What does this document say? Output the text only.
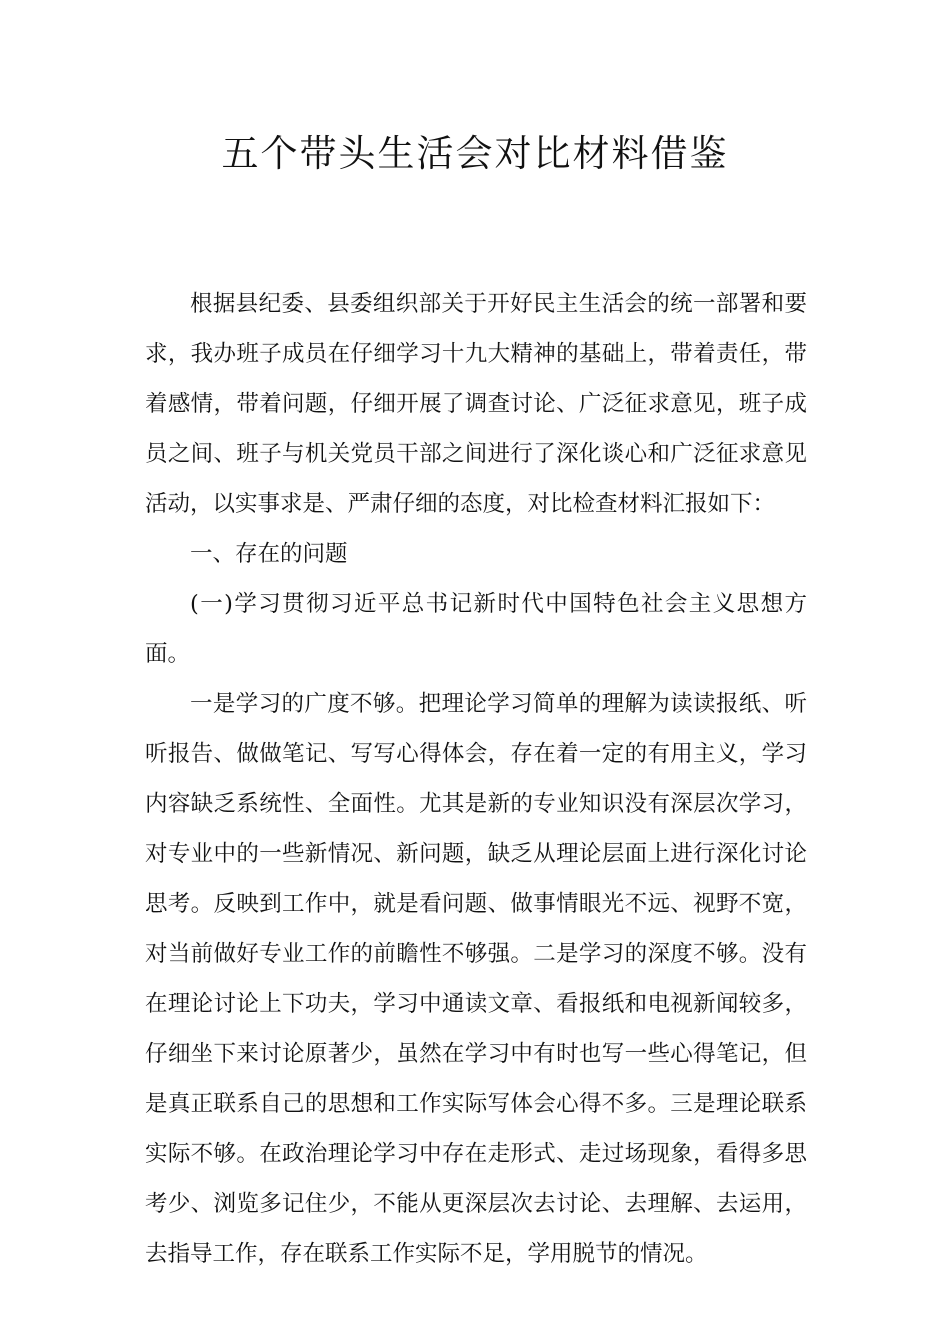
五个带头生活会对比材料借鉴

根据县纪委、县委组织部关于开好民主生活会的统一部署和要求，我办班子成员在仔细学习十九大精神的基础上，带着责任，带着感情，带着问题，仔细开展了调查讨论、广泛征求意见，班子成员之间、班子与机关党员干部之间进行了深化谈心和广泛征求意见活动，以实事求是、严肃仔细的态度，对比检查材料汇报如下：

一、存在的问题

(一)学习贯彻习近平总书记新时代中国特色社会主义思想方面。

一是学习的广度不够。把理论学习简单的理解为读读报纸、听听报告、做做笔记、写写心得体会，存在着一定的有用主义，学习内容缺乏系统性、全面性。尤其是新的专业知识没有深层次学习，对专业中的一些新情况、新问题，缺乏从理论层面上进行深化讨论思考。反映到工作中，就是看问题、做事情眼光不远、视野不宽，对当前做好专业工作的前瞻性不够强。二是学习的深度不够。没有在理论讨论上下功夫，学习中通读文章、看报纸和电视新闻较多，仔细坐下来讨论原著少，虽然在学习中有时也写一些心得笔记，但是真正联系自己的思想和工作实际写体会心得不多。三是理论联系实际不够。在政治理论学习中存在走形式、走过场现象，看得多思考少、浏览多记住少，不能从更深层次去讨论、去理解、去运用，去指导工作，存在联系工作实际不足，学用脱节的情况。
